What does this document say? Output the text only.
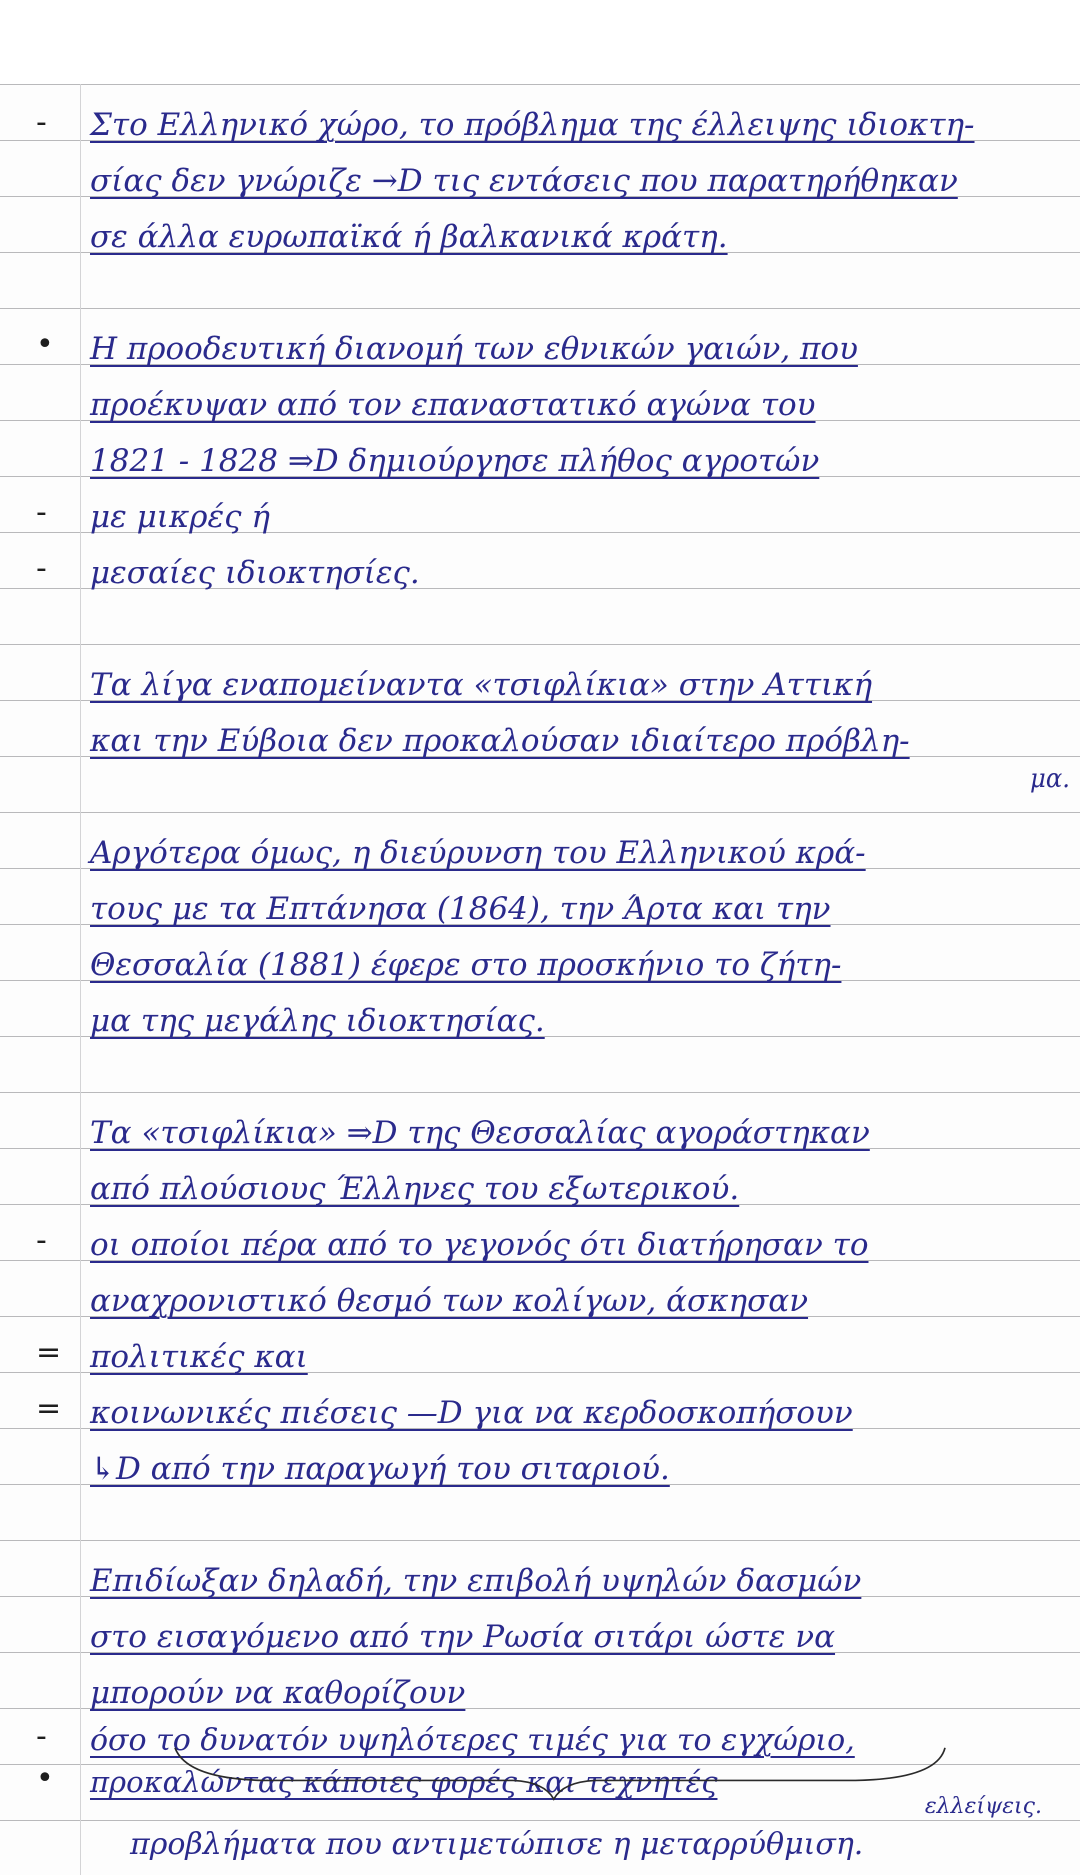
- Στο Ελληνικό χώρο, το πρόβλημα της έλλειψης ιδιοκτη-
σίας δεν γνώριζε →D τις εντάσεις που παρατηρήθηκαν
σε άλλα ευρωπαϊκά ή βαλκανικά κράτη.
• Η προοδευτική διανομή των εθνικών γαιών, που
προέκυψαν από τον επαναστατικό αγώνα του
1821 - 1828 ⇒D δημιούργησε πλήθος αγροτών
- με μικρές ή
- μεσαίες ιδιοκτησίες.
Τα λίγα εναπομείναντα «τσιφλίκια» στην Αττική
και την Εύβοια δεν προκαλούσαν ιδιαίτερο πρόβλη-
μα.
Αργότερα όμως, η διεύρυνση του Ελληνικού κρά-
τους με τα Επτάνησα (1864), την Άρτα και την
Θεσσαλία (1881) έφερε στο προσκήνιο το ζήτη-
μα της μεγάλης ιδιοκτησίας.
Τα «τσιφλίκια» ⇒D της Θεσσαλίας αγοράστηκαν
από πλούσιους Έλληνες του εξωτερικού.
- οι οποίοι πέρα από το γεγονός ότι διατήρησαν το
αναχρονιστικό θεσμό των κολίγων, άσκησαν
= πολιτικές και
= κοινωνικές πιέσεις —D για να κερδοσκοπήσουν
↳D από την παραγωγή του σιταριού.
Επιδίωξαν δηλαδή, την επιβολή υψηλών δασμών
στο εισαγόμενο από την Ρωσία σιτάρι ώστε να
μπορούν να καθορίζουν
- όσο το δυνατόν υψηλότερες τιμές για το εγχώριο,
• προκαλώντας κάποιες φορές και τεχνητές
ελλείψεις.
προβλήματα που αντιμετώπισε η μεταρρύθμιση.
